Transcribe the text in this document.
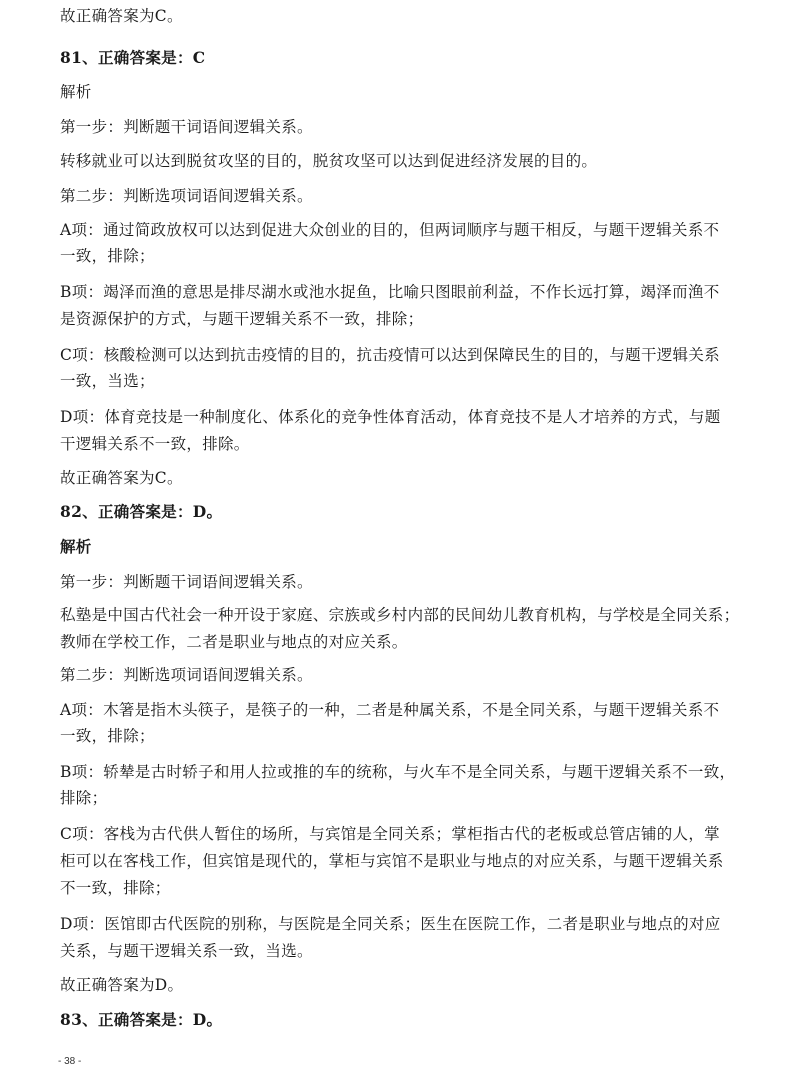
故正确答案为C。
81、正确答案是：C
解析
第一步：判断题干词语间逻辑关系。
转移就业可以达到脱贫攻坚的目的，脱贫攻坚可以达到促进经济发展的目的。
第二步：判断选项词语间逻辑关系。
A项：通过简政放权可以达到促进大众创业的目的，但两词顺序与题干相反，与题干逻辑关系不
一致，排除；
B项：竭泽而渔的意思是排尽湖水或池水捉鱼，比喻只图眼前利益，不作长远打算，竭泽而渔不
是资源保护的方式，与题干逻辑关系不一致，排除；
C项：核酸检测可以达到抗击疫情的目的，抗击疫情可以达到保障民生的目的，与题干逻辑关系
一致，当选；
D项：体育竞技是一种制度化、体系化的竞争性体育活动，体育竞技不是人才培养的方式，与题
干逻辑关系不一致，排除。
故正确答案为C。
82、正确答案是：D。
解析
第一步：判断题干词语间逻辑关系。
私塾是中国古代社会一种开设于家庭、宗族或乡村内部的民间幼儿教育机构，与学校是全同关系；
教师在学校工作，二者是职业与地点的对应关系。
第二步：判断选项词语间逻辑关系。
A项：木箸是指木头筷子，是筷子的一种，二者是种属关系，不是全同关系，与题干逻辑关系不
一致，排除；
B项：轿辇是古时轿子和用人拉或推的车的统称，与火车不是全同关系，与题干逻辑关系不一致，
排除；
C项：客栈为古代供人暂住的场所，与宾馆是全同关系；掌柜指古代的老板或总管店铺的人，掌
柜可以在客栈工作，但宾馆是现代的，掌柜与宾馆不是职业与地点的对应关系，与题干逻辑关系
不一致，排除；
D项：医馆即古代医院的别称，与医院是全同关系；医生在医院工作，二者是职业与地点的对应
关系，与题干逻辑关系一致，当选。
故正确答案为D。
83、正确答案是：D。
- 38 -
